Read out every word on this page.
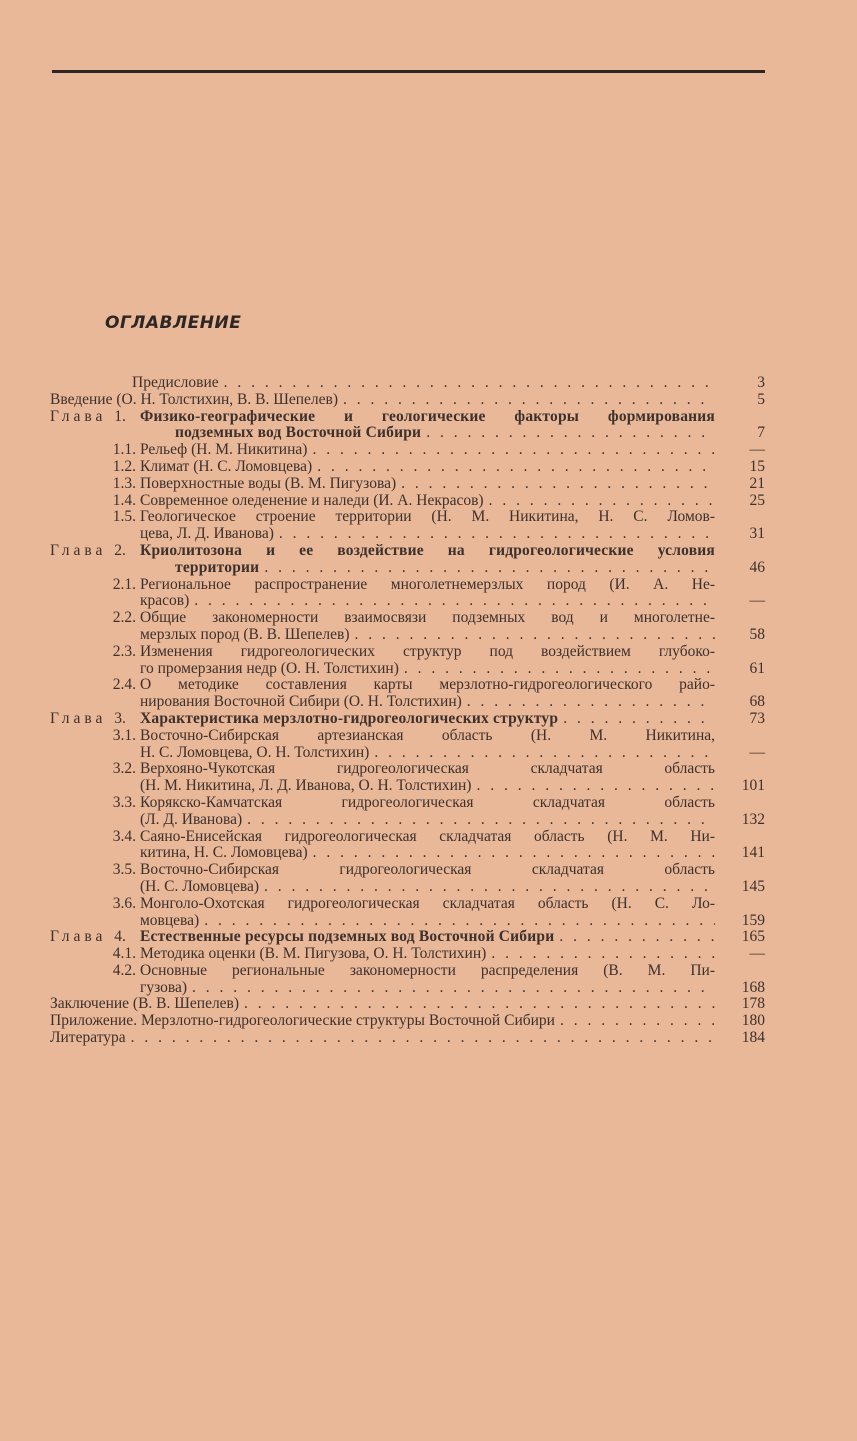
ОГЛАВЛЕНИЕ
Предисловие . . .	3
Введение (О. Н. Толстихин, В. В. Шепелев) . . .	5
Глава 1. Физико-географические и геологические факторы формирования
подземных вод Восточной Сибири . . .	7
1.1. Рельеф (Н. М. Никитина) . . .	—
1.2. Климат (Н. С. Ломовцева) . . .	15
1.3. Поверхностные воды (В. М. Пигузова) . . .	21
1.4. Современное оледенение и наледи (И. А. Некрасов) . . .	25
1.5. Геологическое строение территории (Н. М. Никитина, Н. С. Ломов-
цева, Л. Д. Иванова) . . .	31
Глава 2. Криолитозона и ее воздействие на гидрогеологические условия
территории . . .	46
2.1. Региональное распространение многолетнемерзлых пород (И. А. Не-
красов) . . .	—
2.2. Общие закономерности взаимосвязи подземных вод и многолетне-
мерзлых пород (В. В. Шепелев) . . .	58
2.3. Изменения гидрогеологических структур под воздействием глубоко-
го промерзания недр (О. Н. Толстихин) . . .	61
2.4. О методике составления карты мерзлотно-гидрогеологического райо-
нирования Восточной Сибири (О. Н. Толстихин) . . .	68
Глава 3. Характеристика мерзлотно-гидрогеологических структур . . .	73
3.1. Восточно-Сибирская артезианская область (Н. М. Никитина,
Н. С. Ломовцева, О. Н. Толстихин) . . .	—
3.2. Верхояно-Чукотская гидрогеологическая складчатая область
(Н. М. Никитина, Л. Д. Иванова, О. Н. Толстихин) . . .	101
3.3. Корякско-Камчатская гидрогеологическая складчатая область
(Л. Д. Иванова) . . .	132
3.4. Саяно-Енисейская гидрогеологическая складчатая область (Н. М. Ни-
китина, Н. С. Ломовцева) . . .	141
3.5. Восточно-Сибирская гидрогеологическая складчатая область
(Н. С. Ломовцева) . . .	145
3.6. Монголо-Охотская гидрогеологическая складчатая область (Н. С. Ло-
мовцева) . . .	159
Глава 4. Естественные ресурсы подземных вод Восточной Сибири . . .	165
4.1. Методика оценки (В. М. Пигузова, О. Н. Толстихин) . . .	—
4.2. Основные региональные закономерности распределения (В. М. Пи-
гузова) . . .	168
Заключение (В. В. Шепелев) . . .	178
Приложение. Мерзлотно-гидрогеологические структуры Восточной Сибири . . .	180
Литература . . .	184
